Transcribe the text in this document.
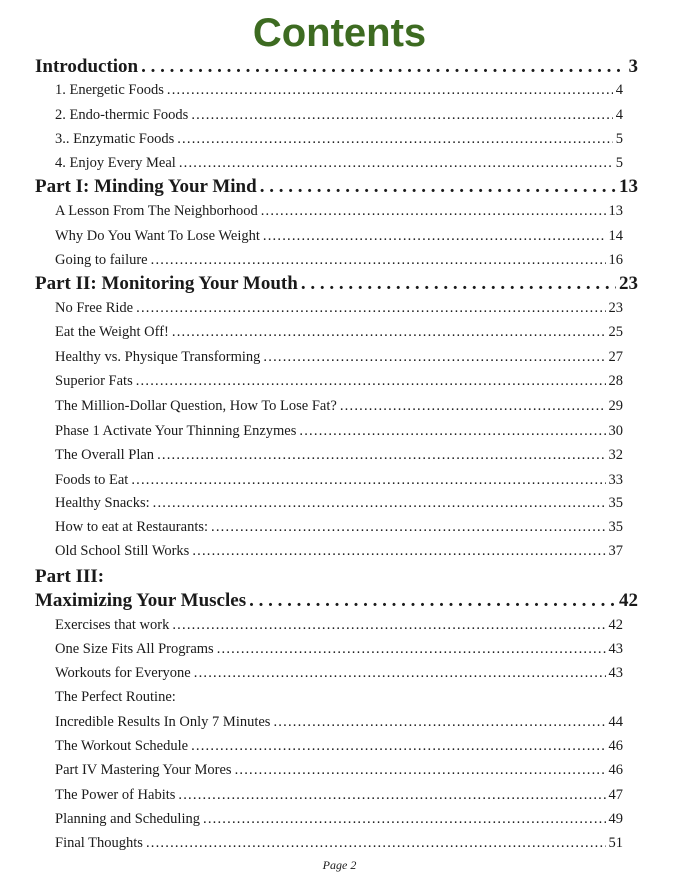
Contents
Introduction . . .	3
1. Energetic Foods .....	4
2. Endo-thermic Foods .....	4
3.. Enzymatic Foods .....	5
4. Enjoy Every Meal .....	5
Part I: Minding Your Mind . . .	13
A Lesson From The Neighborhood .....	13
Why Do You Want To Lose Weight .....	14
Going to failure .....	16
Part II: Monitoring Your Mouth . . .	23
No Free Ride .....	23
Eat the Weight Off! .....	25
Healthy vs. Physique Transforming .....	27
Superior Fats .....	28
The Million-Dollar Question, How To Lose Fat? .....	29
Phase 1 Activate Your Thinning Enzymes .....	30
The Overall Plan .....	32
Foods to Eat .....	33
Healthy Snacks: .....	35
How to eat at Restaurants: .....	35
Old School Still Works .....	37
Part III:
Maximizing Your Muscles . . .	42
Exercises that work .....	42
One Size Fits All Programs .....	43
Workouts for Everyone .....	43
The Perfect Routine:
Incredible Results In Only 7 Minutes .....	44
The Workout Schedule .....	46
Part IV Mastering Your Mores .....	46
The Power of Habits .....	47
Planning and Scheduling .....	49
Final Thoughts .....	51
Page 2
